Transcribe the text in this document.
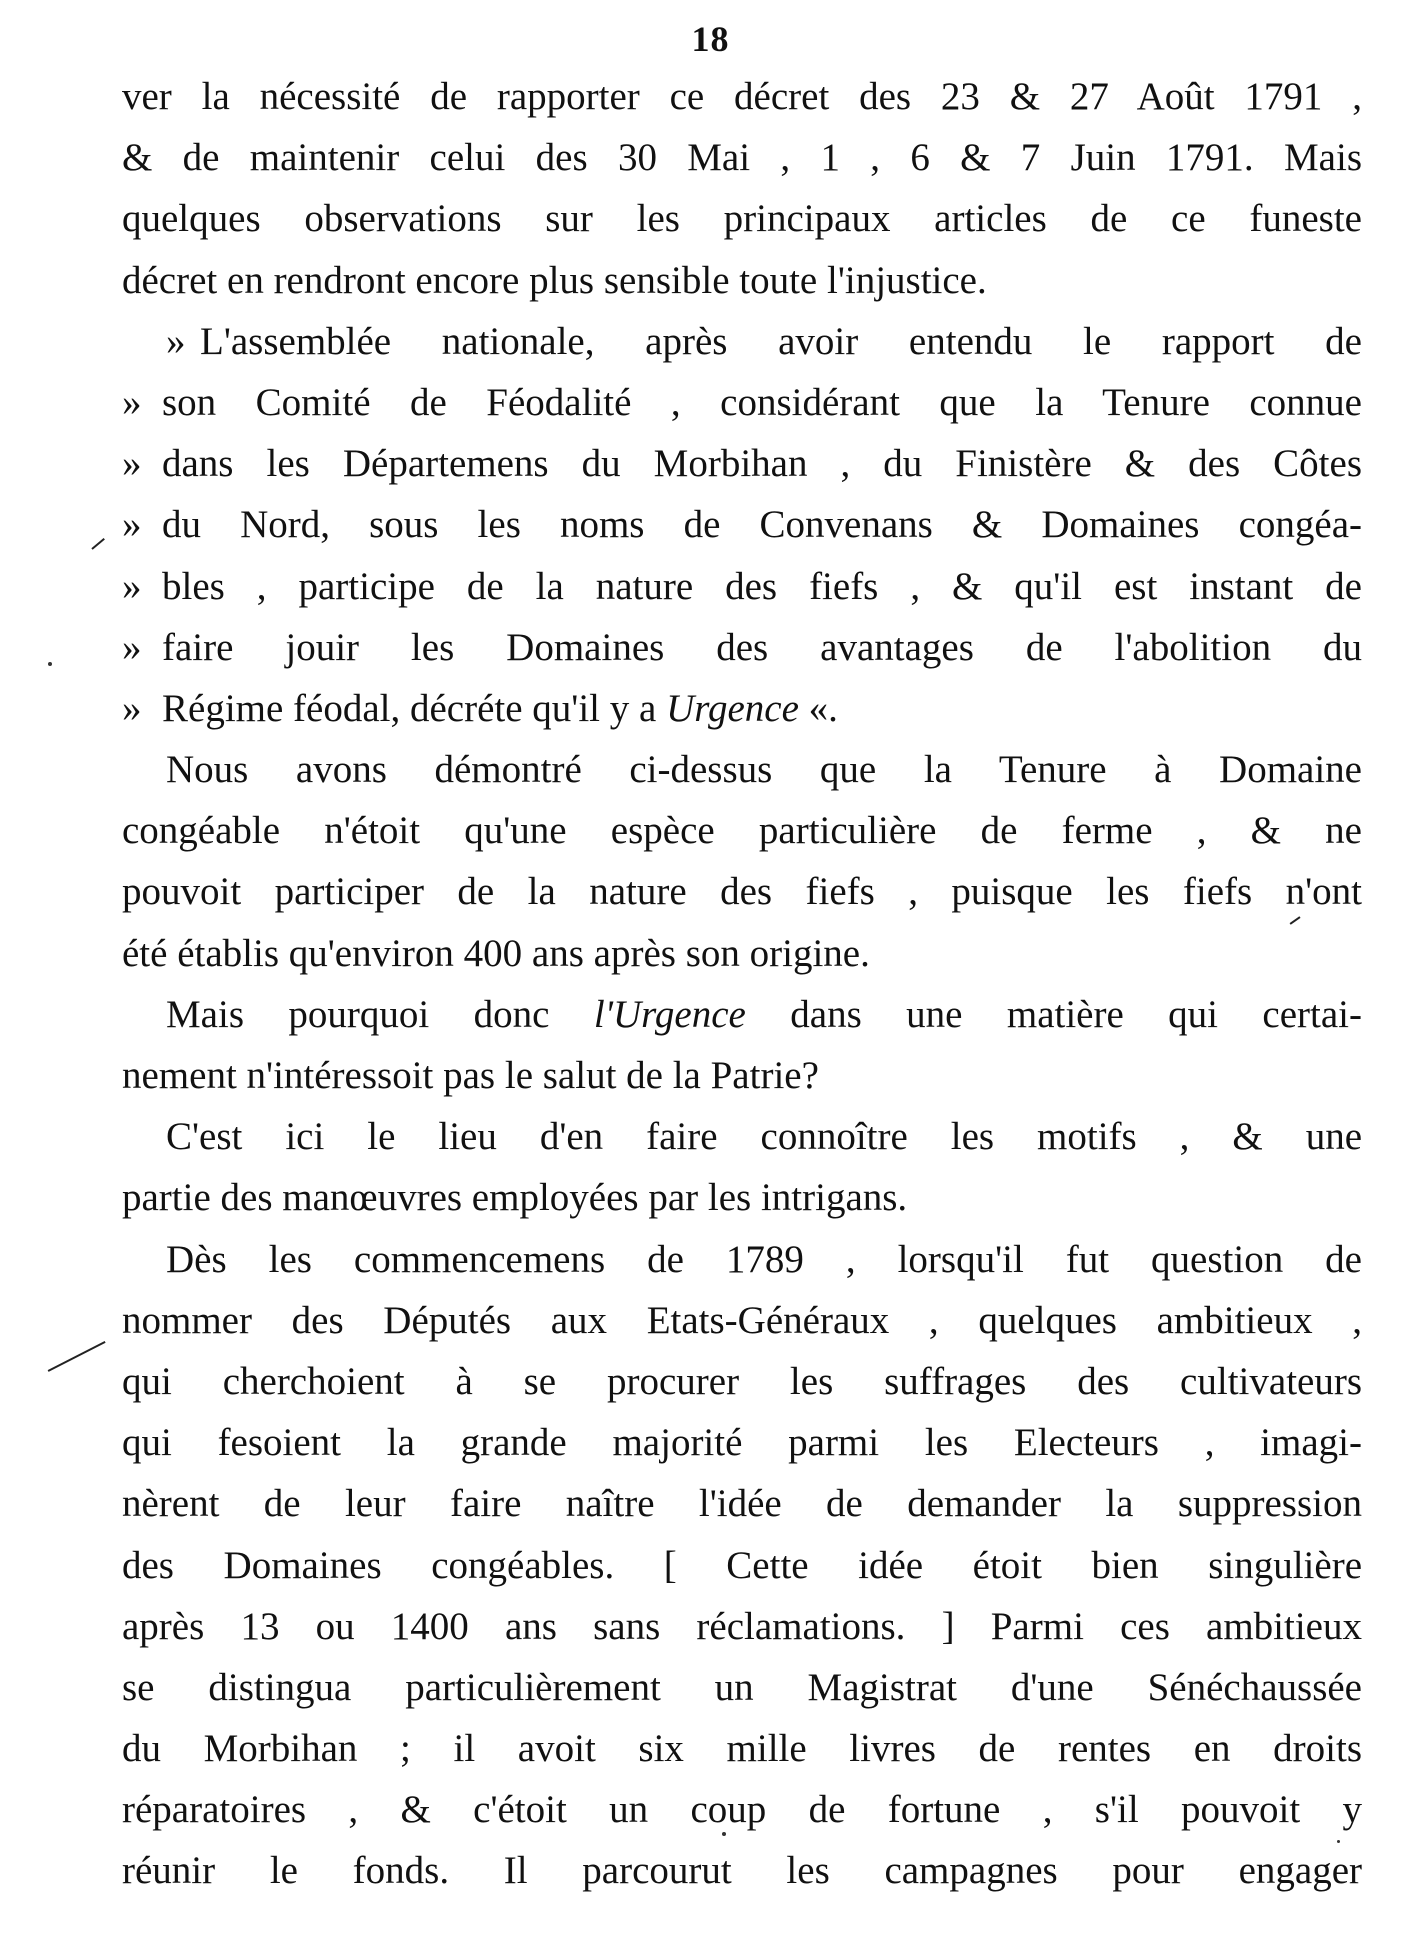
18
ver la nécessité de rapporter ce décret des 23 & 27 Août 1791 ,
& de maintenir celui des 30 Mai , 1 , 6 & 7 Juin 1791. Mais
quelques observations sur les principaux articles de ce funeste
décret en rendront encore plus sensible toute l'injustice.
» L'assemblée nationale, après avoir entendu le rapport de
» son Comité de Féodalité , considérant que la Tenure connue
» dans les Départemens du Morbihan , du Finistère & des Côtes
» du Nord, sous les noms de Convenans & Domaines congéa-
» bles , participe de la nature des fiefs , & qu'il est instant de
» faire jouir les Domaines des avantages de l'abolition du
» Régime féodal, décréte qu'il y a Urgence «.
Nous avons démontré ci-dessus que la Tenure à Domaine
congéable n'étoit qu'une espèce particulière de ferme , & ne
pouvoit participer de la nature des fiefs , puisque les fiefs n'ont
été établis qu'environ 400 ans après son origine.
Mais pourquoi donc l'Urgence dans une matière qui certai-
nement n'intéressoit pas le salut de la Patrie?
C'est ici le lieu d'en faire connoître les motifs , & une
partie des manœuvres employées par les intrigans.
Dès les commencemens de 1789 , lorsqu'il fut question de
nommer des Députés aux Etats-Généraux , quelques ambitieux ,
qui cherchoient à se procurer les suffrages des cultivateurs
qui fesoient la grande majorité parmi les Electeurs , imagi-
nèrent de leur faire naître l'idée de demander la suppression
des Domaines congéables. [ Cette idée étoit bien singulière
après 13 ou 1400 ans sans réclamations. ] Parmi ces ambitieux
se distingua particulièrement un Magistrat d'une Sénéchaussée
du Morbihan ; il avoit six mille livres de rentes en droits
réparatoires , & c'étoit un coup de fortune , s'il pouvoit y
réunir le fonds. Il parcourut les campagnes pour engager
